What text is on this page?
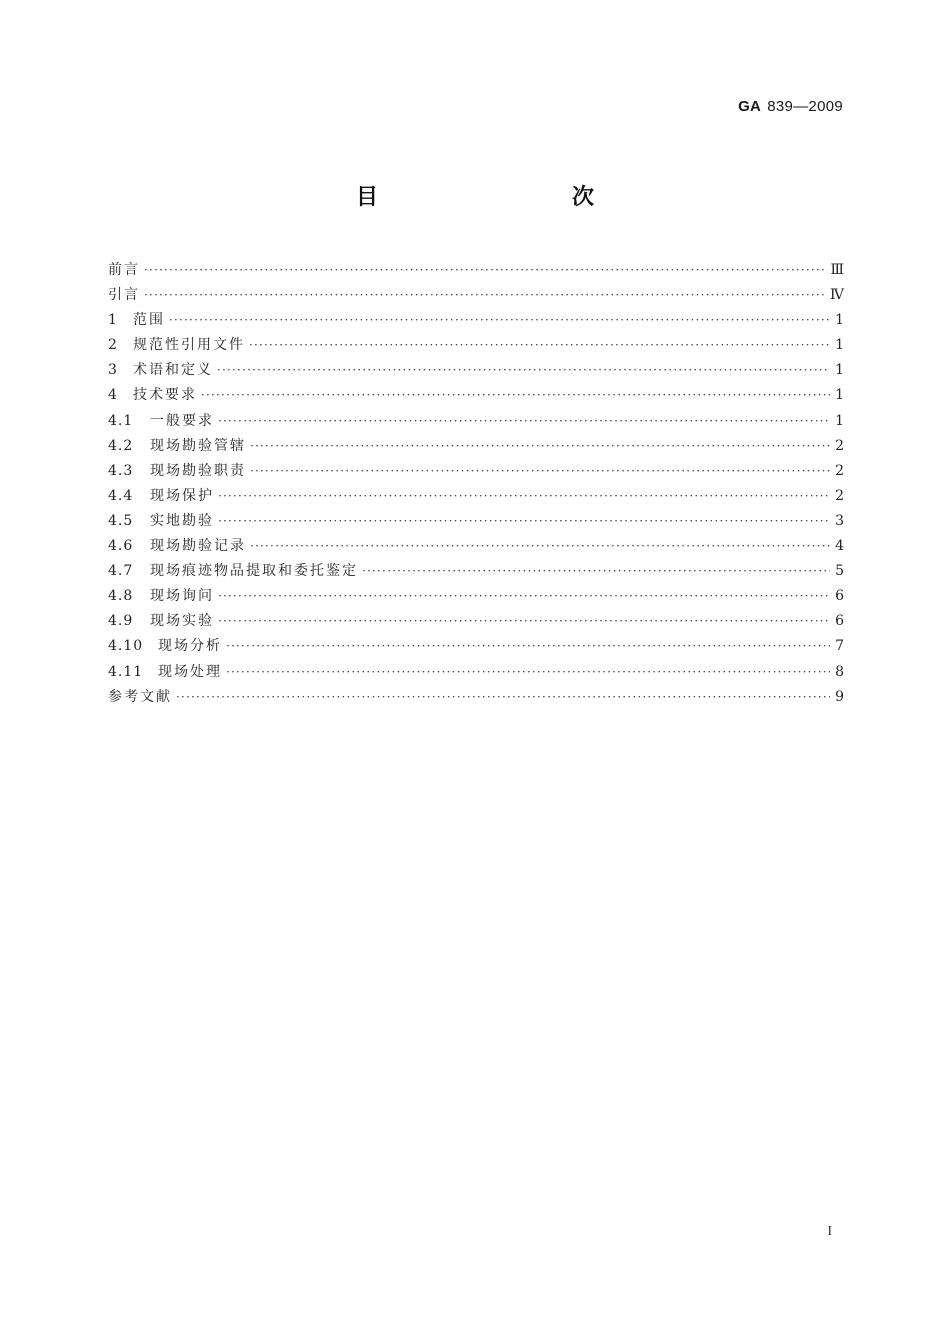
GA 839—2009
目　　次
前言 ·····	Ⅲ
引言 ·····	Ⅳ
1	范围 ·····	1
2	规范性引用文件 ·····	1
3	术语和定义 ·····	1
4	技术要求 ·····	1
4.1	一般要求 ·····	1
4.2	现场勘验管辖 ·····	2
4.3	现场勘验职责 ·····	2
4.4	现场保护 ·····	2
4.5	实地勘验 ·····	3
4.6	现场勘验记录 ·····	4
4.7	现场痕迹物品提取和委托鉴定 ·····	5
4.8	现场询问 ·····	6
4.9	现场实验 ·····	6
4.10	现场分析 ·····	7
4.11	现场处理 ·····	8
参考文献 ·····	9
I
